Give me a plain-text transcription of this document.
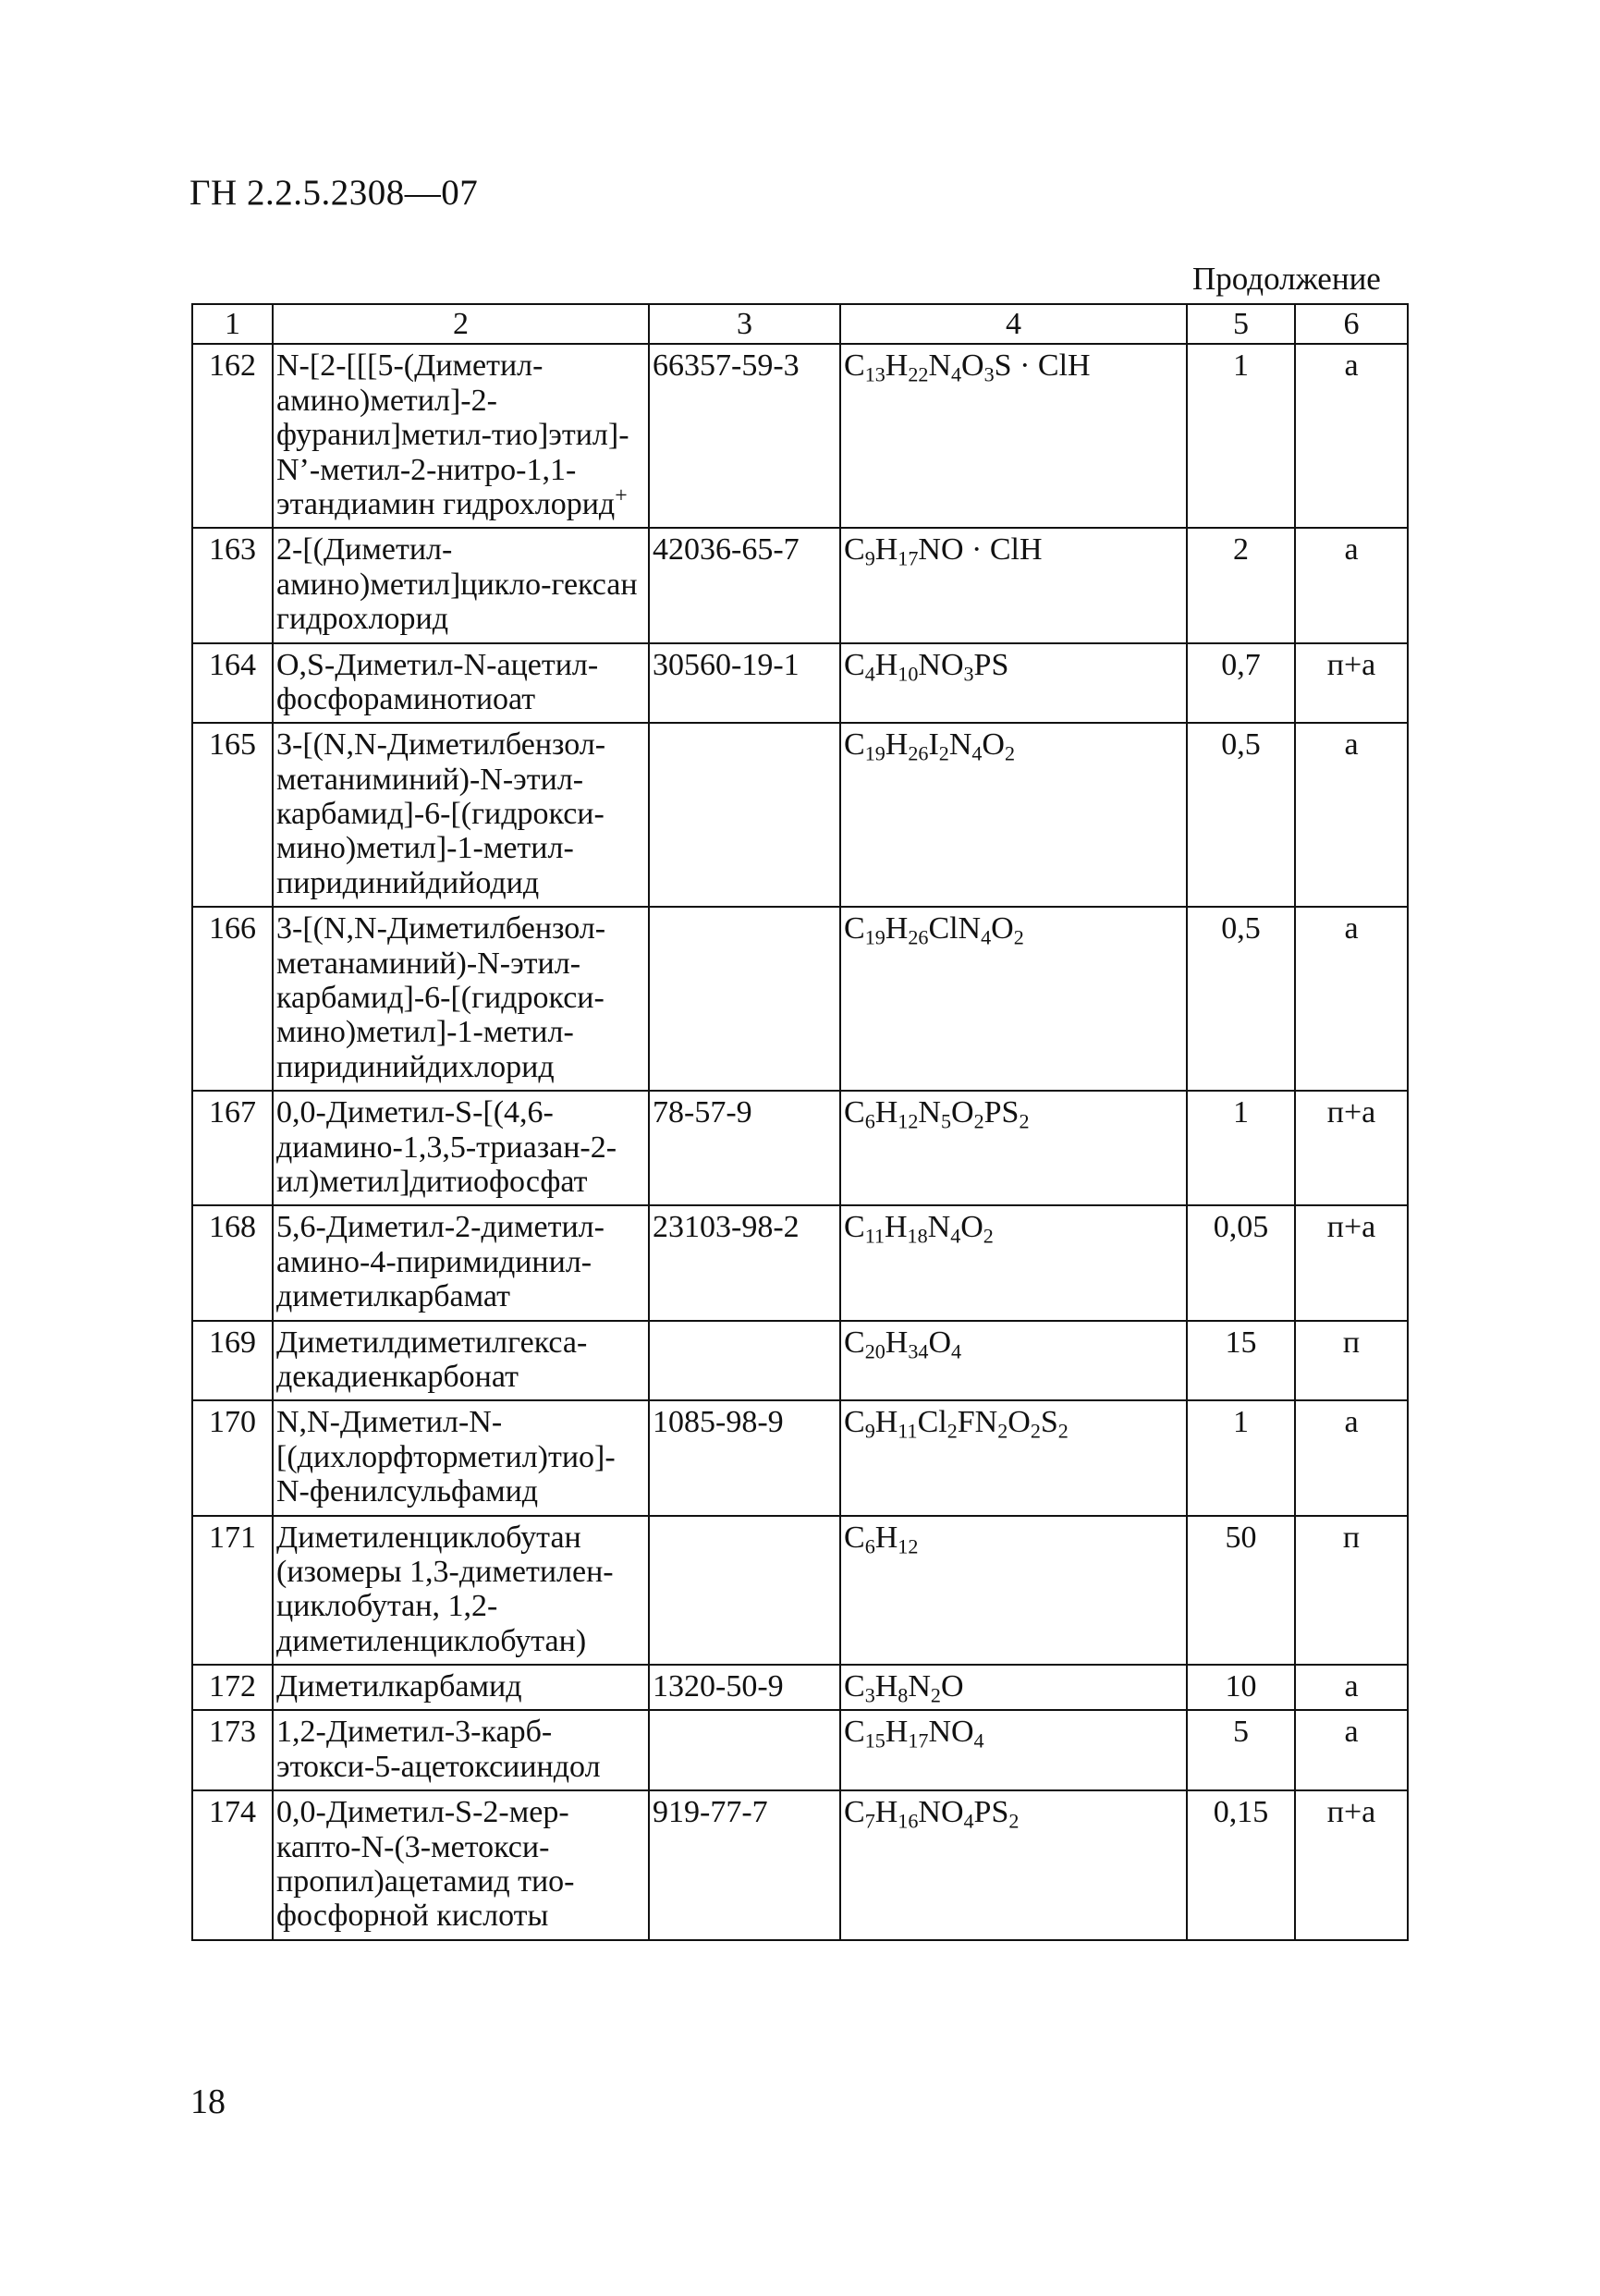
ГН 2.2.5.2308—07
Продолжение
1	2	3	4	5	6
162	N-[2-[[[5-(Диметил-амино)метил]-2-фуранил]метил-тио]этил]-N’-метил-2-нитро-1,1-этандиамин гидрохлорид+	66357-59-3	$C_{13}H_{22}N_4O_3S$ · ClH	1	а
163	2-[(Диметил-амино)метил]цикло-гексан гидрохлорид	42036-65-7	$C_9H_{17}NO$ · ClH	2	а
164	O,S-Диметил-N-ацетил-фосфораминотиоат	30560-19-1	$C_4H_{10}NO_3PS$	0,7	п+а
165	3-[(N,N-Диметилбензол-метаниминий)-N-этил-карбамид]-6-[(гидрокси-мино)метил]-1-метил-пиридинийдийодид		$C_{19}H_{26}I_2N_4O_2$	0,5	а
166	3-[(N,N-Диметилбензол-метанаминий)-N-этил-карбамид]-6-[(гидрокси-мино)метил]-1-метил-пиридинийдихлорид		$C_{19}H_{26}ClN_4O_2$	0,5	а
167	0,0-Диметил-S-[(4,6-диамино-1,3,5-триазан-2-ил)метил]дитиофосфат	78-57-9	$C_6H_{12}N_5O_2PS_2$	1	п+а
168	5,6-Диметил-2-диметил-амино-4-пиримидинил-диметилкарбамат	23103-98-2	$C_{11}H_{18}N_4O_2$	0,05	п+а
169	Диметилдиметилгекса-декадиенкарбонат		$C_{20}H_{34}O_4$	15	п
170	N,N-Диметил-N-[(дихлорфторметил)тио]-N-фенилсульфамид	1085-98-9	$C_9H_{11}Cl_2FN_2O_2S_2$	1	а
171	Диметиленциклобутан (изомеры 1,3-диметилен-циклобутан, 1,2-диметиленциклобутан)		$C_6H_{12}$	50	п
172	Диметилкарбамид	1320-50-9	$C_3H_8N_2O$	10	а
173	1,2-Диметил-3-карб-этокси-5-ацетоксииндол		$C_{15}H_{17}NO_4$	5	а
174	0,0-Диметил-S-2-мер-капто-N-(3-метокси-пропил)ацетамид тио-фосфорной кислоты	919-77-7	$C_7H_{16}NO_4PS_2$	0,15	п+а
18
